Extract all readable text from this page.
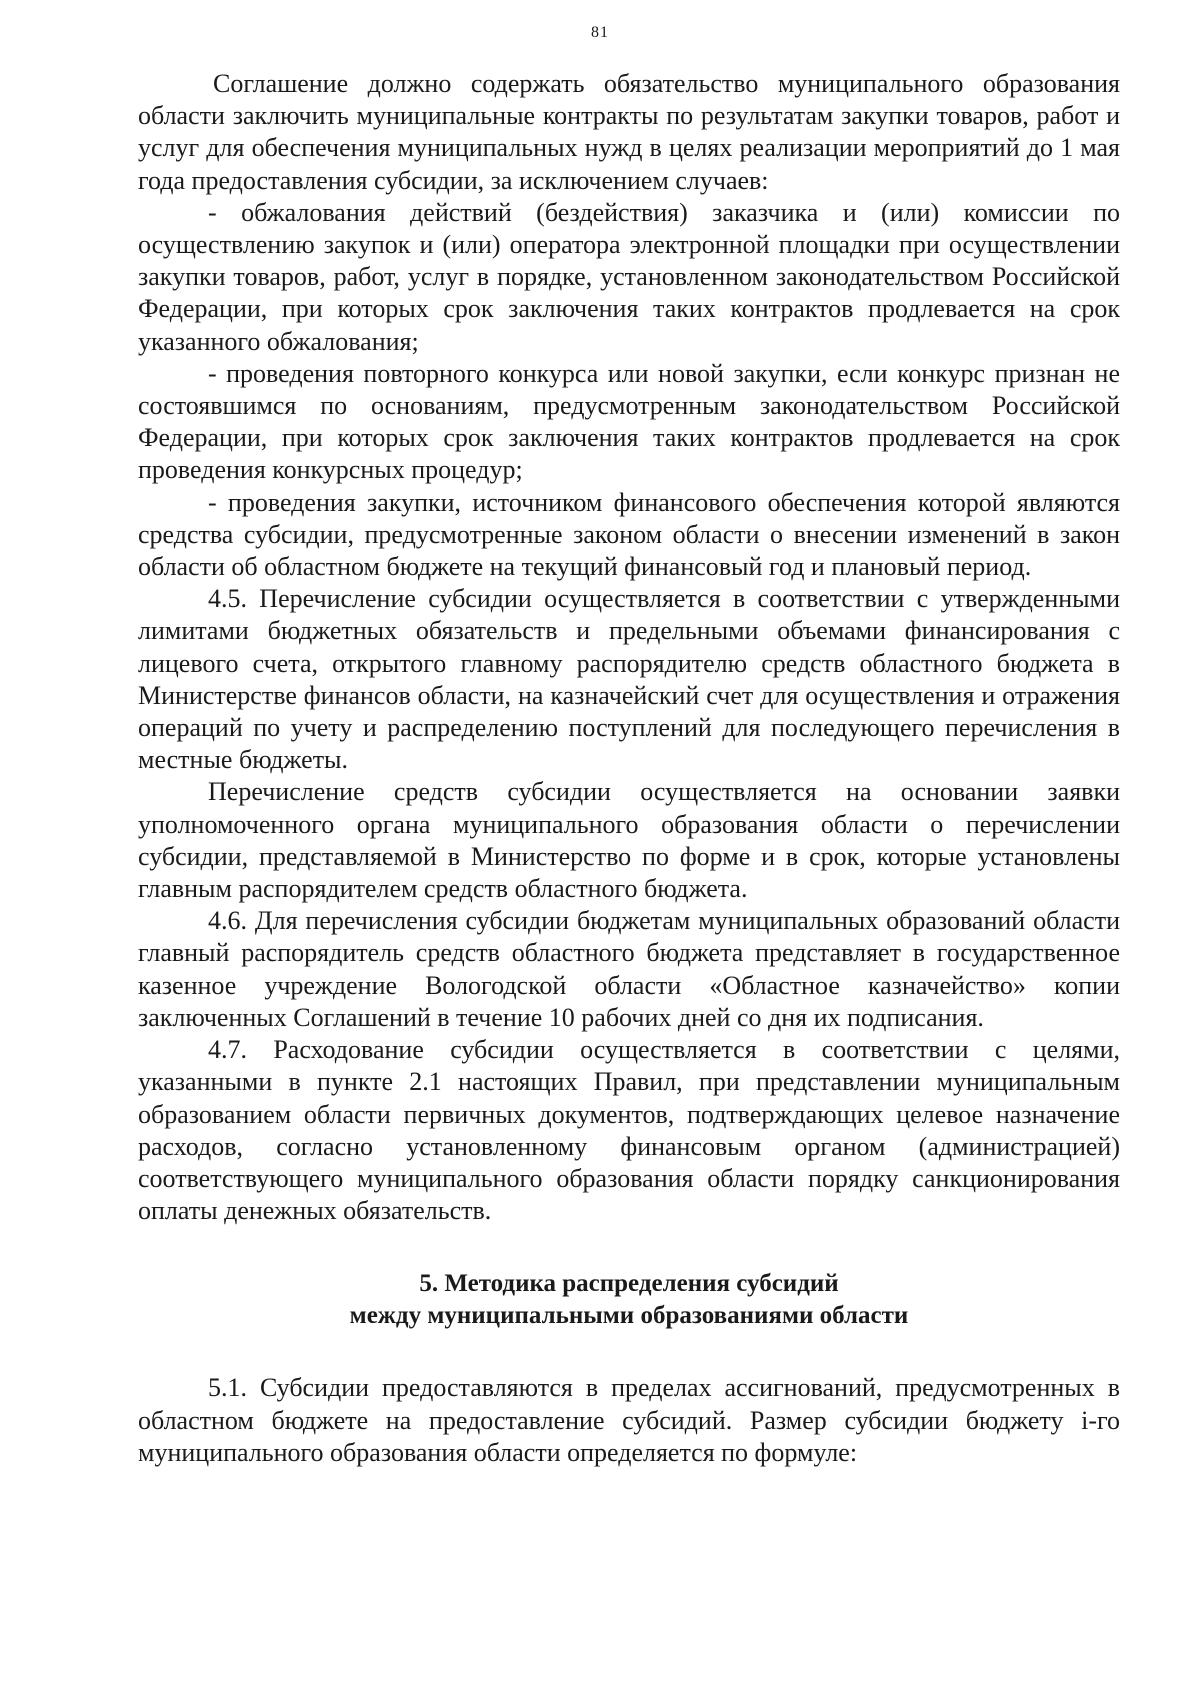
81

Соглашение должно содержать обязательство муниципального образования области заключить муниципальные контракты по результатам закупки товаров, работ и услуг для обеспечения муниципальных нужд в целях реализации мероприятий до 1 мая года предоставления субсидии, за исключением случаев:

- обжалования действий (бездействия) заказчика и (или) комиссии по осуществлению закупок и (или) оператора электронной площадки при осуществлении закупки товаров, работ, услуг в порядке, установленном законодательством Российской Федерации, при которых срок заключения таких контрактов продлевается на срок указанного обжалования;

- проведения повторного конкурса или новой закупки, если конкурс признан не состоявшимся по основаниям, предусмотренным законодательством Российской Федерации, при которых срок заключения таких контрактов продлевается на срок проведения конкурсных процедур;

- проведения закупки, источником финансового обеспечения которой являются средства субсидии, предусмотренные законом области о внесении изменений в закон области об областном бюджете на текущий финансовый год и плановый период.

4.5. Перечисление субсидии осуществляется в соответствии с утвержденными лимитами бюджетных обязательств и предельными объемами финансирования с лицевого счета, открытого главному распорядителю средств областного бюджета в Министерстве финансов области, на казначейский счет для осуществления и отражения операций по учету и распределению поступлений для последующего перечисления в местные бюджеты.

Перечисление средств субсидии осуществляется на основании заявки уполномоченного органа муниципального образования области о перечислении субсидии, представляемой в Министерство по форме и в срок, которые установлены главным распорядителем средств областного бюджета.

4.6. Для перечисления субсидии бюджетам муниципальных образований области главный распорядитель средств областного бюджета представляет в государственное казенное учреждение Вологодской области «Областное казначейство» копии заключенных Соглашений в течение 10 рабочих дней со дня их подписания.

4.7. Расходование субсидии осуществляется в соответствии с целями, указанными в пункте 2.1 настоящих Правил, при представлении муниципальным образованием области первичных документов, подтверждающих целевое назначение расходов, согласно установленному финансовым органом (администрацией) соответствующего муниципального образования области порядку санкционирования оплаты денежных обязательств.

5. Методика распределения субсидий
между муниципальными образованиями области

5.1. Субсидии предоставляются в пределах ассигнований, предусмотренных в областном бюджете на предоставление субсидий. Размер субсидии бюджету i-го муниципального образования области определяется по формуле:
